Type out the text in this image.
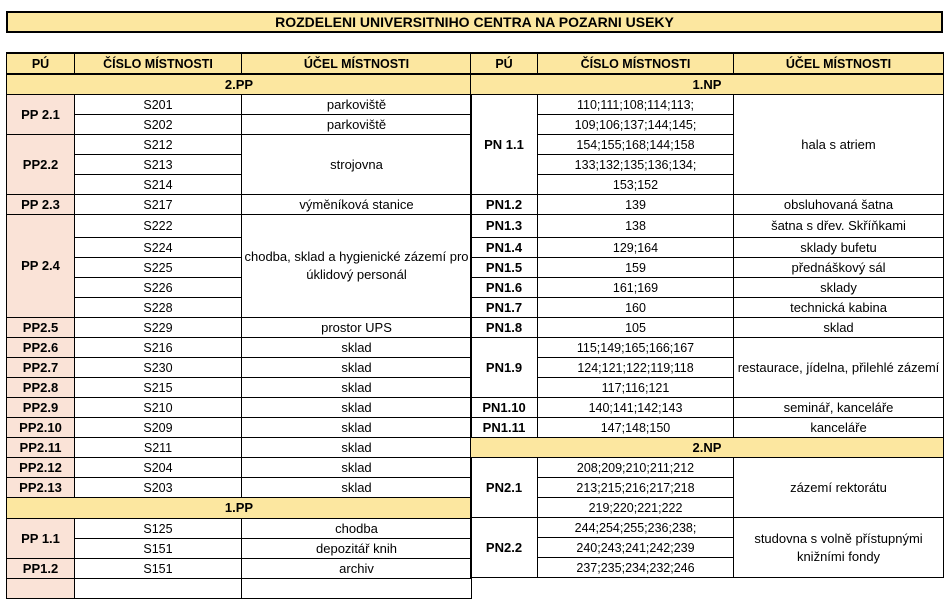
ROZDELENI UNIVERSITNIHO CENTRA NA POZARNI USEKY
PÚ	ČÍSLO MÍSTNOSTI	ÚČEL MÍSTNOSTI
2.PP		
PP 2.1	S201	parkoviště
	S202	parkoviště
PP2.2	S212	strojovna
	S213	
	S214	
PP 2.3	S217	výměníková stanice
PP 2.4	S222	chodba, sklad a hygienické zázemí pro úklidový personál
	S224	
	S225	
	S226	
	S228	
PP2.5	S229	prostor UPS
PP2.6	S216	sklad
PP2.7	S230	sklad
PP2.8	S215	sklad
PP2.9	S210	sklad
PP2.10	S209	sklad
PP2.11	S211	sklad
PP2.12	S204	sklad
PP2.13	S203	sklad
1.PP		
PP 1.1	S125	chodba
	S151	depozitář knih
PP1.2	S151	archiv

PÚ	ČÍSLO MÍSTNOSTI	ÚČEL MÍSTNOSTI
1.NP		
PN 1.1	110;111;108;114;113;	hala s atriem
	109;106;137;144;145;	
	154;155;168;144;158	
	133;132;135;136;134;	
	153;152	
PN1.2	139	obsluhovaná šatna
PN1.3	138	šatna s dřev. Skříňkami
PN1.4	129;164	sklady bufetu
PN1.5	159	přednáškový sál
PN1.6	161;169	sklady
PN1.7	160	technická kabina
PN1.8	105	sklad
PN1.9	115;149;165;166;167	restaurace, jídelna, přilehlé zázemí
	124;121;122;119;118	
	117;116;121	
PN1.10	140;141;142;143	seminář, kanceláře
PN1.11	147;148;150	kanceláře
2.NP		
PN2.1	208;209;210;211;212	zázemí rektorátu
	213;215;216;217;218	
	219;220;221;222	
PN2.2	244;254;255;236;238;	studovna s volně přístupnými knižními fondy
	240;243;241;242;239	
	237;235;234;232;246	
